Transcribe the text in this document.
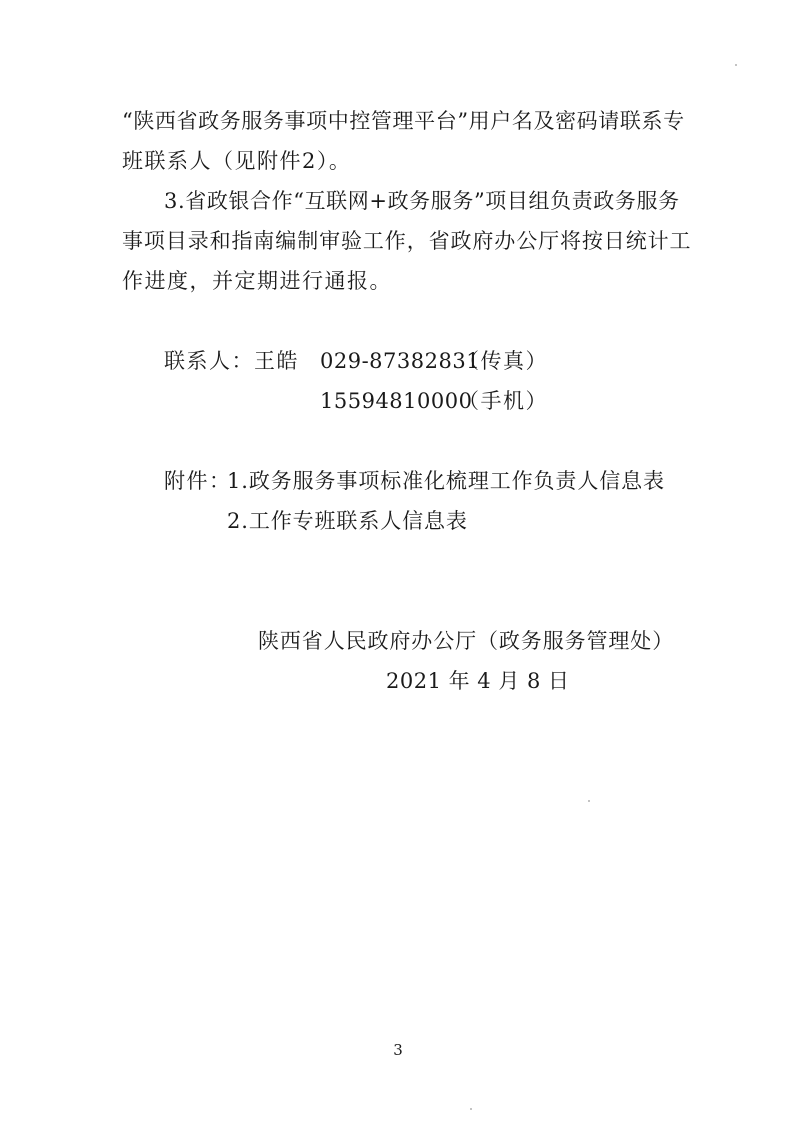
“陕西省政务服务事项中控管理平台”用户名及密码请联系专
班联系人（见附件2）。
3.省政银合作“互联网+政务服务”项目组负责政务服务
事项目录和指南编制审验工作，省政府办公厅将按日统计工
作进度，并定期进行通报。
联系人：王皓 029-87382831
（传真）
15594810000
（手机）
附件：
1.政务服务事项标准化梳理工作负责人信息表
2.工作专班联系人信息表
陕西省人民政府办公厅（政务服务管理处）
2021 年 4 月 8 日
3
